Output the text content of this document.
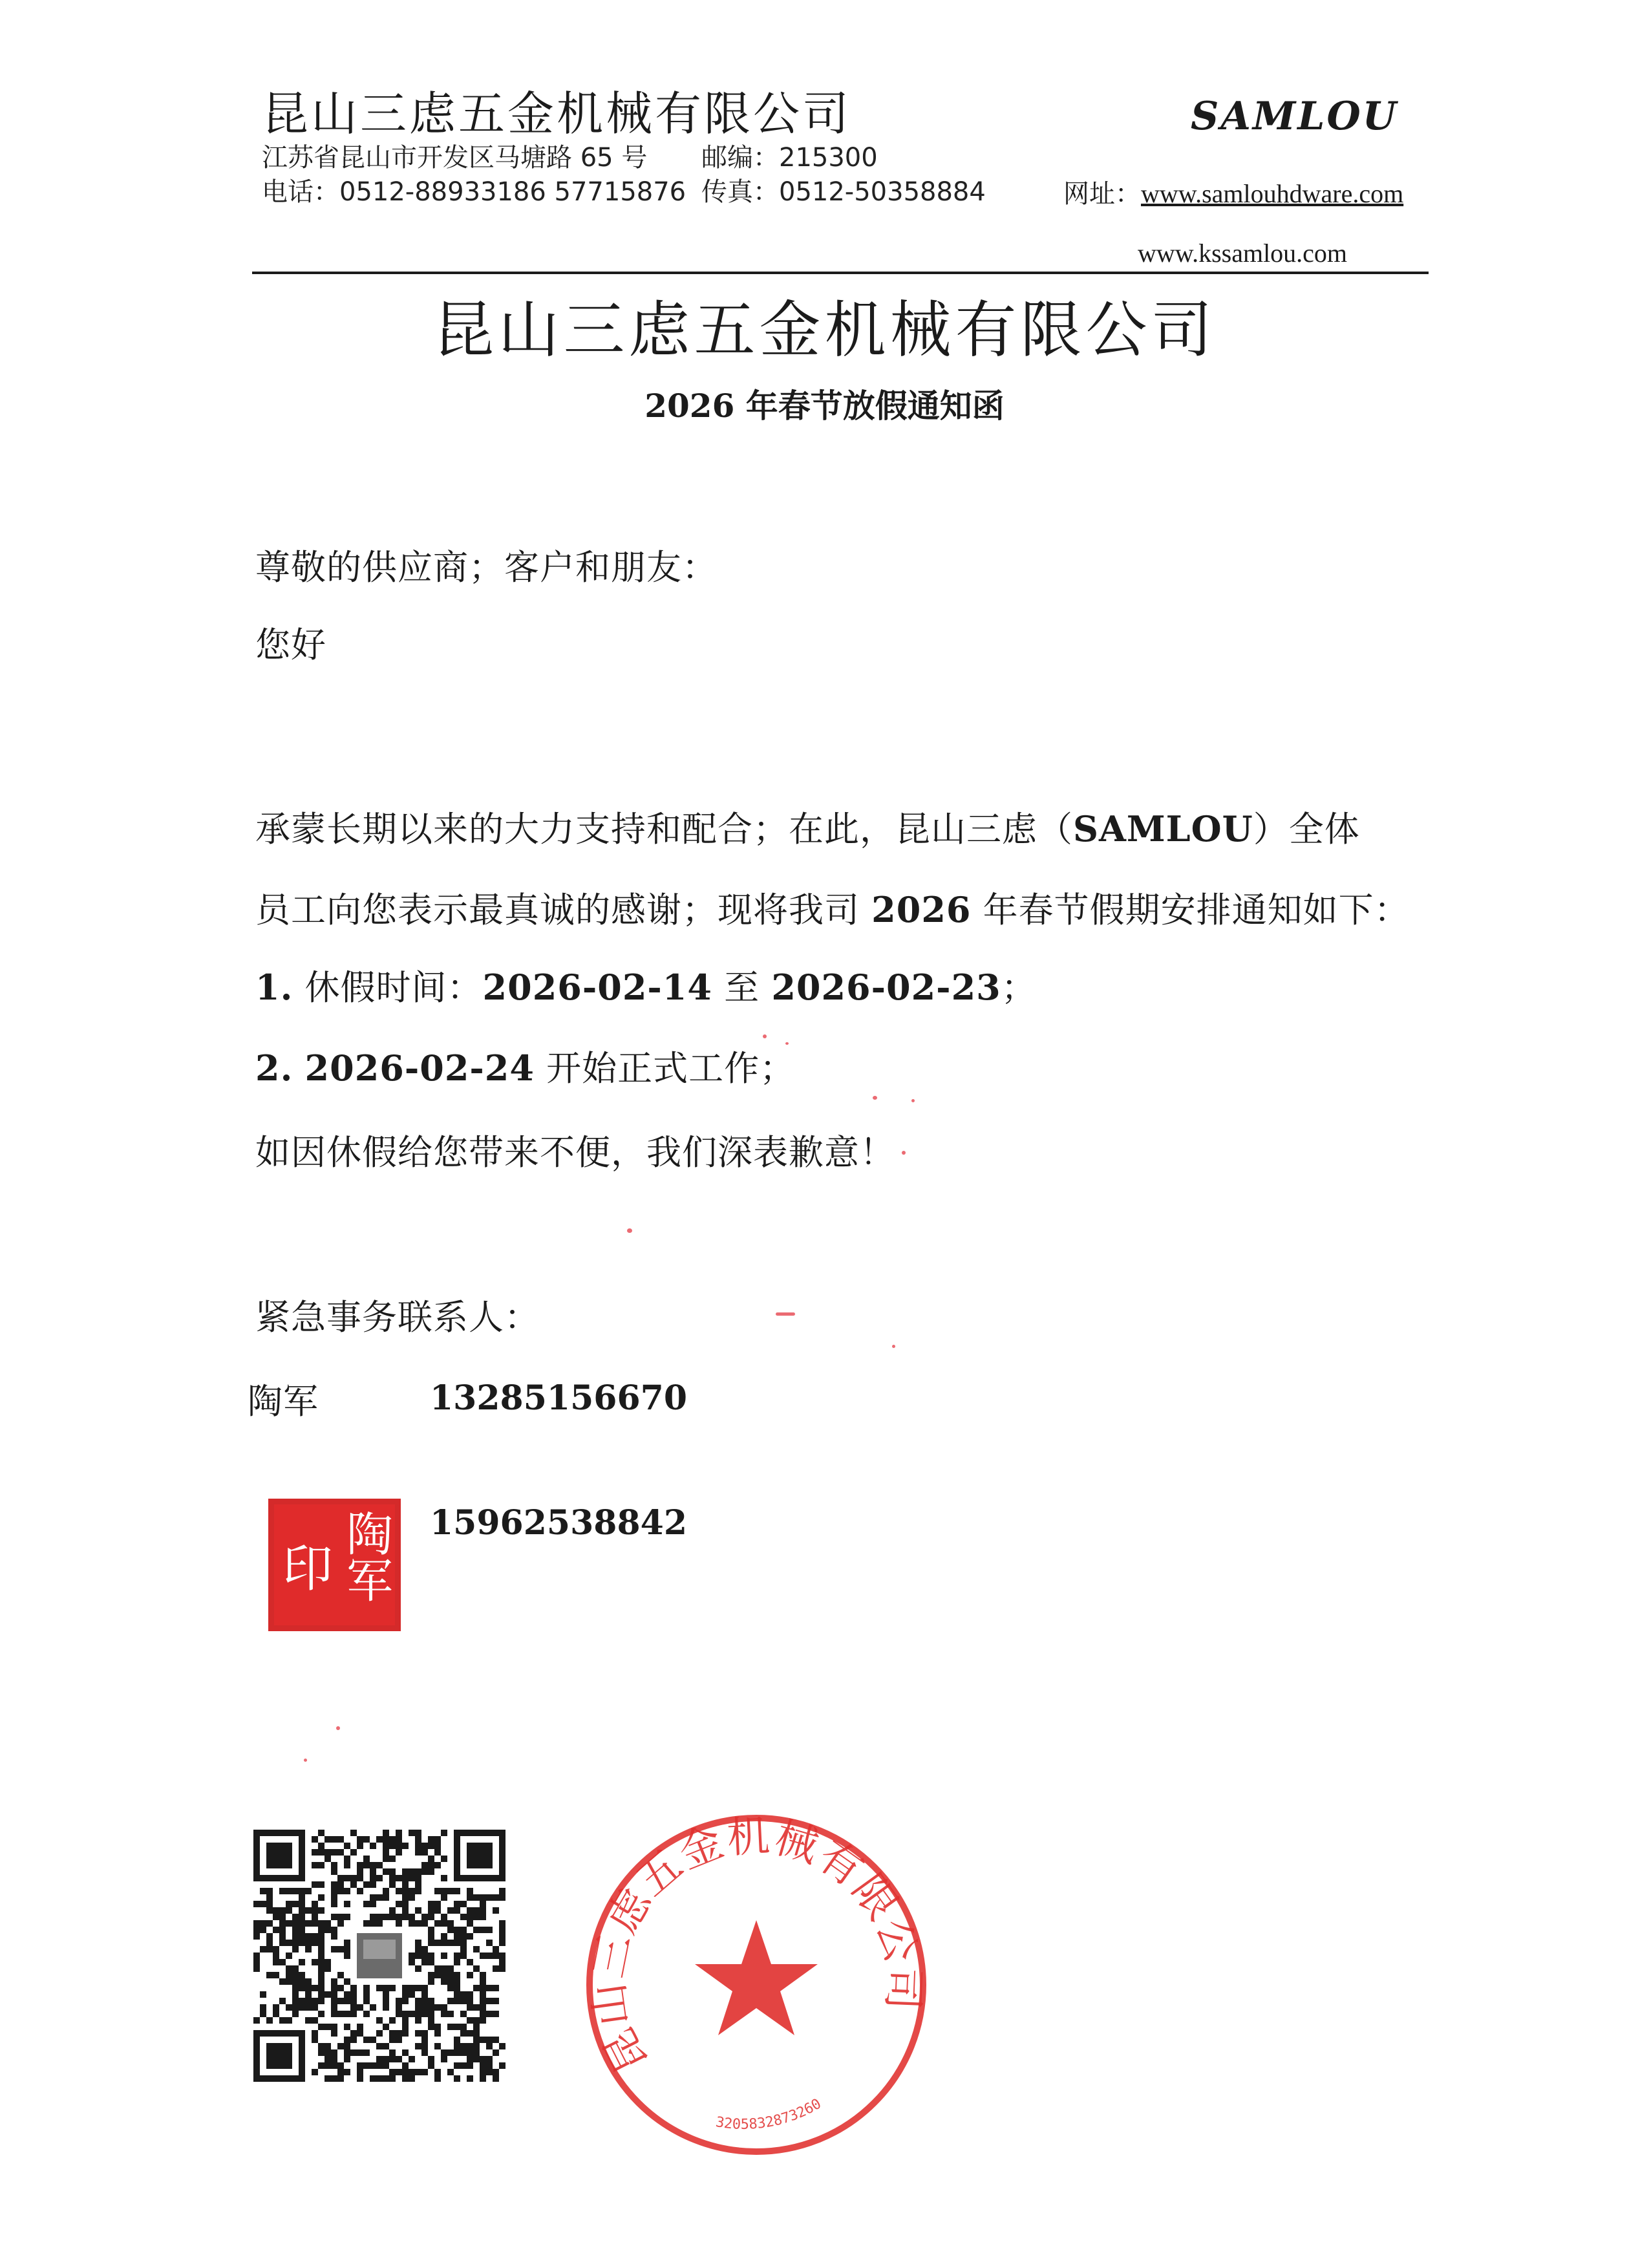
昆山三虑五金机械有限公司
江苏省昆山市开发区马塘路 65 号 邮编：215300
电话：0512-88933186 57715876 传真：0512-50358884
SAMLOU
网址：www.samlouhdware.com
www.kssamlou.com
昆山三虑五金机械有限公司
2026 年春节放假通知函
尊敬的供应商；客户和朋友：
您好
承蒙长期以来的大力支持和配合；在此，昆山三虑（SAMLOU）全体
员工向您表示最真诚的感谢；现将我司 2026 年春节假期安排通知如下：
1. 休假时间：2026-02-14 至 2026-02-23；
2. 2026-02-24 开始正式工作；
如因休假给您带来不便，我们深表歉意！
紧急事务联系人：
陶军	13285156670
15962538842
印 陶军
昆山三虑五金机械有限公司
3205832873260
